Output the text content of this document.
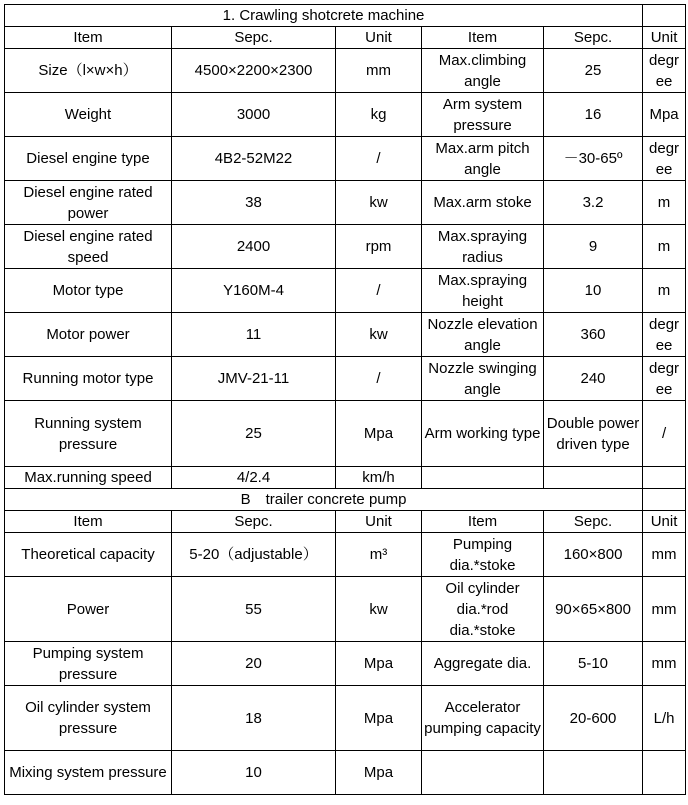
1. Crawling shotcrete machine					
Item	Sepc.	Unit	Item	Sepc.	Unit
Size（l×w×h）	4500×2200×2300	mm	Max.climbing angle	25	degree
Weight	3000	kg	Arm system pressure	16	Mpa
Diesel engine type	4B2-52M22	/	Max.arm pitch angle	－30-65º	degree
Diesel engine rated power	38	kw	Max.arm stoke	3.2	m
Diesel engine rated speed	2400	rpm	Max.spraying radius	9	m
Motor type	Y160M-4	/	Max.spraying height	10	m
Motor power	11	kw	Nozzle elevation angle	360	degree
Running motor type	JMV-21-11	/	Nozzle swinging angle	240	degree
Running system pressure	25	Mpa	Arm working type	Double power driven type	/
Max.running speed	4/2.4	km/h			
B　trailer concrete pump					
Item	Sepc.	Unit	Item	Sepc.	Unit
Theoretical capacity	5-20（adjustable）	m³	Pumping dia.*stoke	160×800	mm
Power	55	kw	Oil cylinder dia.*rod dia.*stoke	90×65×800	mm
Pumping system pressure	20	Mpa	Aggregate dia.	5-10	mm
Oil cylinder system pressure	18	Mpa	Accelerator pumping capacity	20-600	L/h
Mixing system pressure	10	Mpa			
